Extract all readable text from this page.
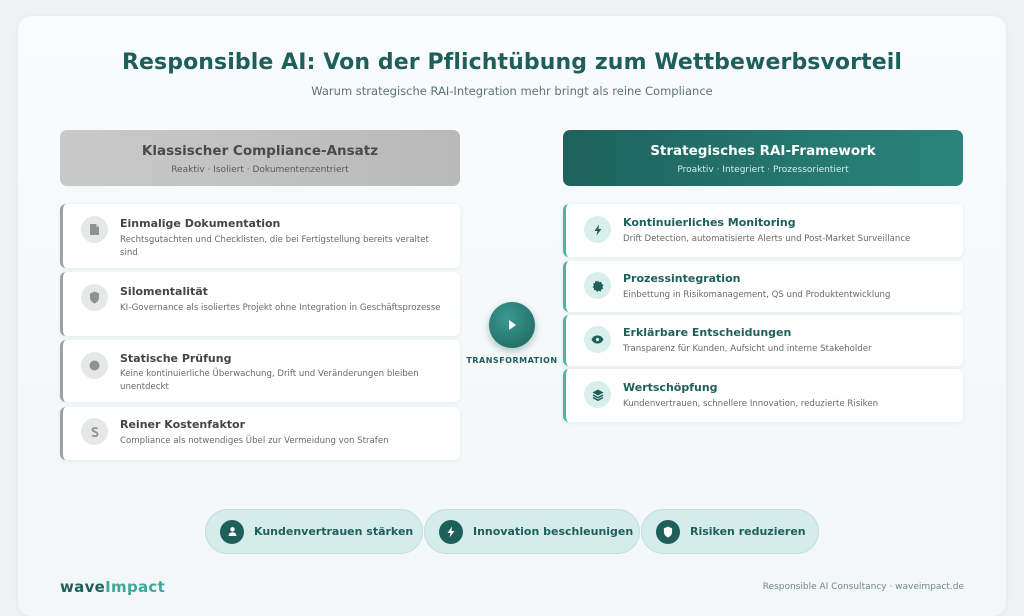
Responsible AI: Von der Pflichtübung zum Wettbewerbsvorteil
Warum strategische RAI-Integration mehr bringt als reine Compliance
Klassischer Compliance-Ansatz
Reaktiv · Isoliert · Dokumentenzentriert
Strategisches RAI-Framework
Proaktiv · Integriert · Prozessorientiert
Einmalige Dokumentation
Rechtsgutachten und Checklisten, die bei Fertigstellung bereits veraltet sind
Silomentalität
KI-Governance als isoliertes Projekt ohne Integration in Geschäftsprozesse
Statische Prüfung
Keine kontinuierliche Überwachung, Drift und Veränderungen bleiben unentdeckt
Reiner Kostenfaktor
Compliance als notwendiges Übel zur Vermeidung von Strafen
Kontinuierliches Monitoring
Drift Detection, automatisierte Alerts und Post-Market Surveillance
Prozessintegration
Einbettung in Risikomanagement, QS und Produktentwicklung
Erklärbare Entscheidungen
Transparenz für Kunden, Aufsicht und interne Stakeholder
Wertschöpfung
Kundenvertrauen, schnellere Innovation, reduzierte Risiken
TRANSFORMATION
Kundenvertrauen stärken	Innovation beschleunigen	Risiken reduzieren
waveImpact	Responsible AI Consultancy · waveimpact.de
